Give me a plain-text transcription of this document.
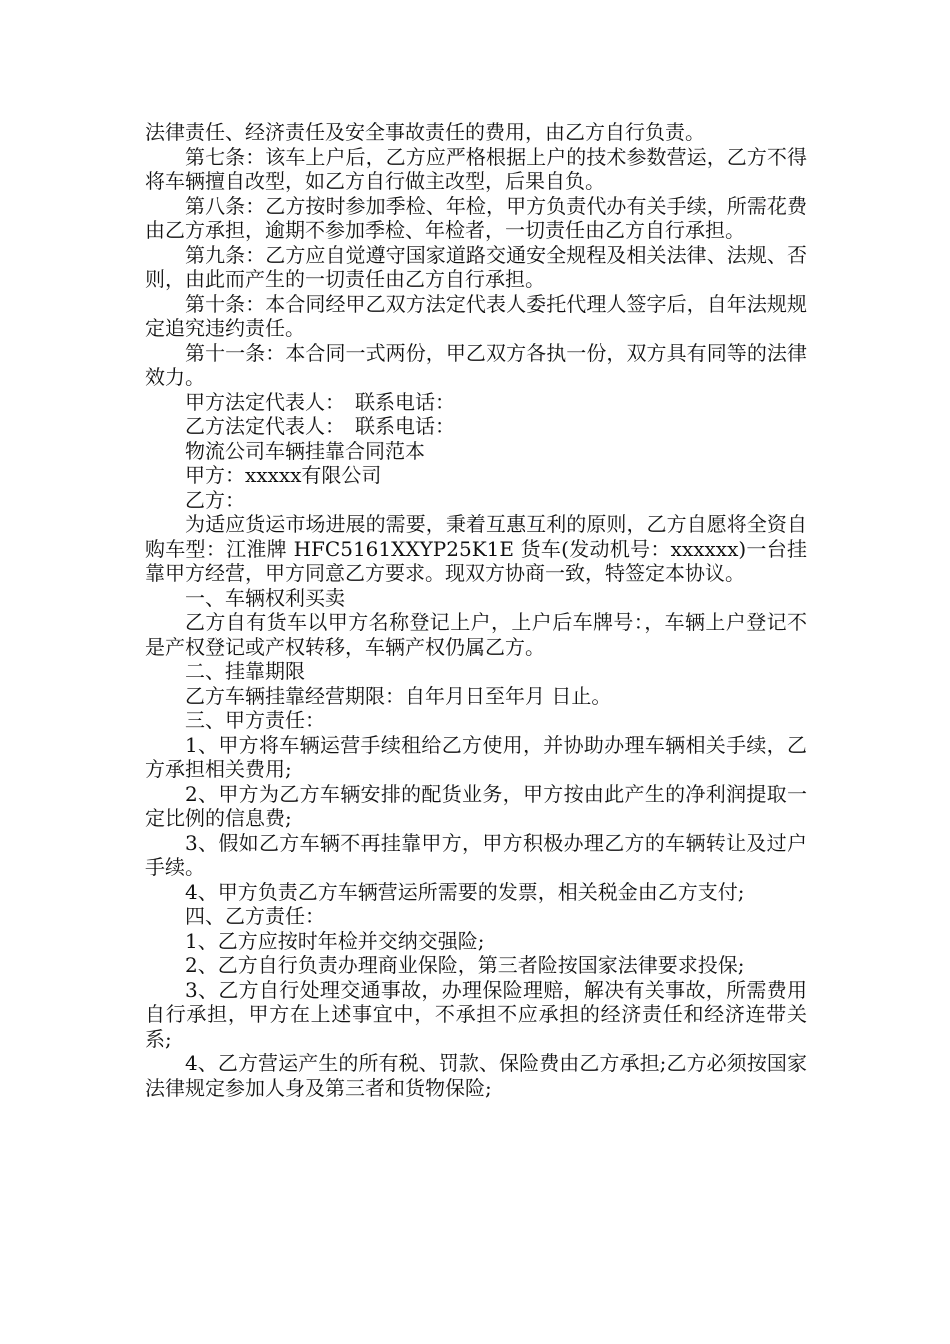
法律责任、经济责任及安全事故责任的费用，由乙方自行负责。

第七条：该车上户后，乙方应严格根据上户的技术参数营运，乙方不得将车辆擅自改型，如乙方自行做主改型，后果自负。

第八条：乙方按时参加季检、年检，甲方负责代办有关手续，所需花费由乙方承担，逾期不参加季检、年检者，一切责任由乙方自行承担。

第九条：乙方应自觉遵守国家道路交通安全规程及相关法律、法规、否则，由此而产生的一切责任由乙方自行承担。

第十条：本合同经甲乙双方法定代表人委托代理人签字后，自年法规规定追究违约责任。

第十一条：本合同一式两份，甲乙双方各执一份，双方具有同等的法律效力。

甲方法定代表人：　联系电话：

乙方法定代表人：　联系电话：

物流公司车辆挂靠合同范本

甲方：xxxxx有限公司

乙方：

为适应货运市场进展的需要，秉着互惠互利的原则，乙方自愿将全资自购车型：江淮牌 HFC5161XXYP25K1E 货车(发动机号：xxxxxx)一台挂靠甲方经营，甲方同意乙方要求。现双方协商一致，特签定本协议。

一、车辆权利买卖

乙方自有货车以甲方名称登记上户，上户后车牌号：，车辆上户登记不是产权登记或产权转移，车辆产权仍属乙方。

二、挂靠期限

乙方车辆挂靠经营期限：自年月日至年月 日止。

三、甲方责任：

1、甲方将车辆运营手续租给乙方使用，并协助办理车辆相关手续，乙方承担相关费用;

2、甲方为乙方车辆安排的配货业务，甲方按由此产生的净利润提取一定比例的信息费;

3、假如乙方车辆不再挂靠甲方，甲方积极办理乙方的车辆转让及过户手续。

4、甲方负责乙方车辆营运所需要的发票，相关税金由乙方支付;

四、乙方责任：

1、乙方应按时年检并交纳交强险;

2、乙方自行负责办理商业保险，第三者险按国家法律要求投保;

3、乙方自行处理交通事故，办理保险理赔，解决有关事故，所需费用自行承担，甲方在上述事宜中，不承担不应承担的经济责任和经济连带关系;

4、乙方营运产生的所有税、罚款、保险费由乙方承担;乙方必须按国家法律规定参加人身及第三者和货物保险;
